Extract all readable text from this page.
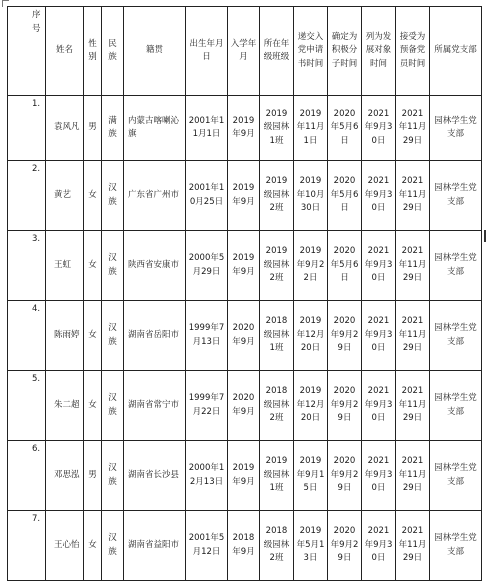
序号	姓名	性别	民族	籍贯	出生年月日	入学年月	所在年级班级	递交入党申请书时间	确定为积极分子时间	列为发展对象时间	接受为预备党员时间	所属党支部
1.	袁风凡	男	满族	内蒙古喀喇沁旗	2001年11月1日	2019年9月	2019级园林1班	2019年11月1日	2020年5月6日	2021年9月30日	2021年11月29日	园林学生党支部
2.	黄艺	女	汉族	广东省广州市	2001年10月25日	2019年9月	2019级园林2班	2019年10月30日	2020年5月6日	2021年9月30日	2021年11月29日	园林学生党支部
3.	王虹	女	汉族	陕西省安康市	2000年5月29日	2019年9月	2019级园林2班	2019年9月22日	2020年5月6日	2021年9月30日	2021年11月29日	园林学生党支部
4.	陈雨婷	女	汉族	湖南省岳阳市	1999年7月13日	2020年9月	2018级园林1班	2019年12月20日	2020年9月29日	2021年9月30日	2021年11月29日	园林学生党支部
5.	朱二超	女	汉族	湖南省常宁市	1999年7月22日	2020年9月	2018级园林2班	2019年12月20日	2020年9月29日	2021年9月30日	2021年11月29日	园林学生党支部
6.	邓思泓	男	汉族	湖南省长沙县	2000年12月13日	2019年9月	2019级园林1班	2019年9月15日	2020年9月29日	2021年9月30日	2021年11月29日	园林学生党支部
7.	王心怡	女	汉族	湖南省益阳市	2001年5月12日	2018年9月	2018级园林2班	2019年5月13日	2020年9月29日	2021年9月30日	2021年11月29日	园林学生党支部
